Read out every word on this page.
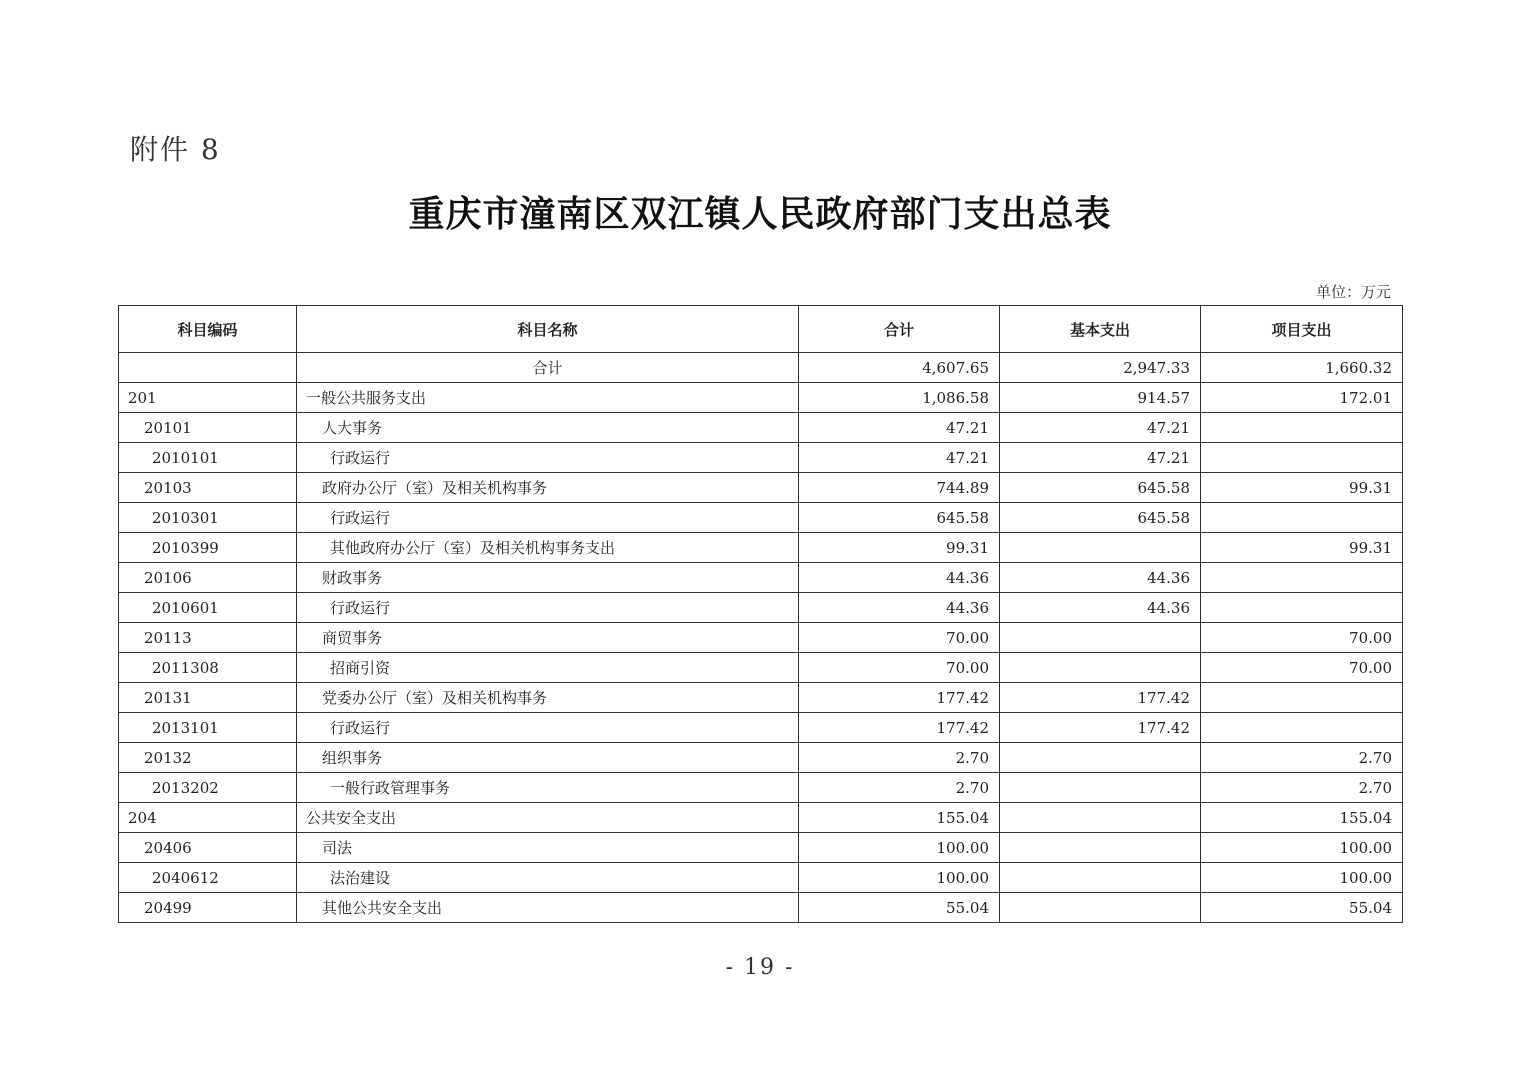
附件 8
重庆市潼南区双江镇人民政府部门支出总表
单位：万元
科目编码	科目名称	合计	基本支出	项目支出
	合计	4,607.65	2,947.33	1,660.32
201	一般公共服务支出	1,086.58	914.57	172.01
20101	人大事务	47.21	47.21	
2010101	行政运行	47.21	47.21	
20103	政府办公厅（室）及相关机构事务	744.89	645.58	99.31
2010301	行政运行	645.58	645.58	
2010399	其他政府办公厅（室）及相关机构事务支出	99.31		99.31
20106	财政事务	44.36	44.36	
2010601	行政运行	44.36	44.36	
20113	商贸事务	70.00		70.00
2011308	招商引资	70.00		70.00
20131	党委办公厅（室）及相关机构事务	177.42	177.42	
2013101	行政运行	177.42	177.42	
20132	组织事务	2.70		2.70
2013202	一般行政管理事务	2.70		2.70
204	公共安全支出	155.04		155.04
20406	司法	100.00		100.00
2040612	法治建设	100.00		100.00
20499	其他公共安全支出	55.04		55.04
- 19 -
